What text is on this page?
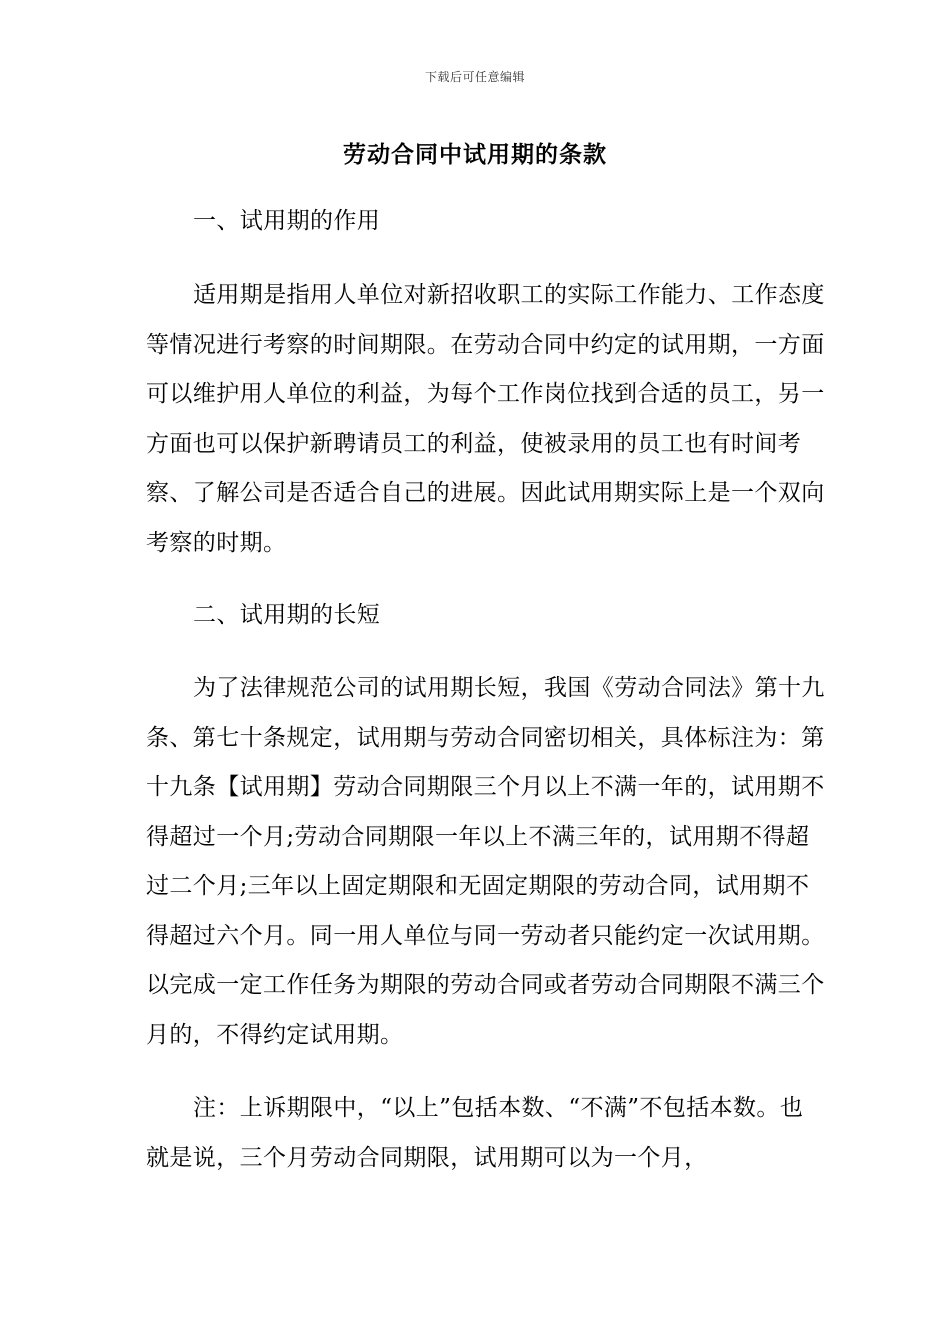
下载后可任意编辑
劳动合同中试用期的条款
一、试用期的作用

适用期是指用人单位对新招收职工的实际工作能力、工作态度等情况进行考察的时间期限。在劳动合同中约定的试用期，一方面可以维护用人单位的利益，为每个工作岗位找到合适的员工，另一方面也可以保护新聘请员工的利益，使被录用的员工也有时间考察、了解公司是否适合自己的进展。因此试用期实际上是一个双向考察的时期。

二、试用期的长短

为了法律规范公司的试用期长短，我国《劳动合同法》第十九条、第七十条规定，试用期与劳动合同密切相关，具体标注为：第十九条【试用期】劳动合同期限三个月以上不满一年的，试用期不得超过一个月;劳动合同期限一年以上不满三年的，试用期不得超过二个月;三年以上固定期限和无固定期限的劳动合同，试用期不得超过六个月。同一用人单位与同一劳动者只能约定一次试用期。以完成一定工作任务为期限的劳动合同或者劳动合同期限不满三个月的，不得约定试用期。

注：上诉期限中，“以上”包括本数、“不满”不包括本数。也就是说，三个月劳动合同期限，试用期可以为一个月，
